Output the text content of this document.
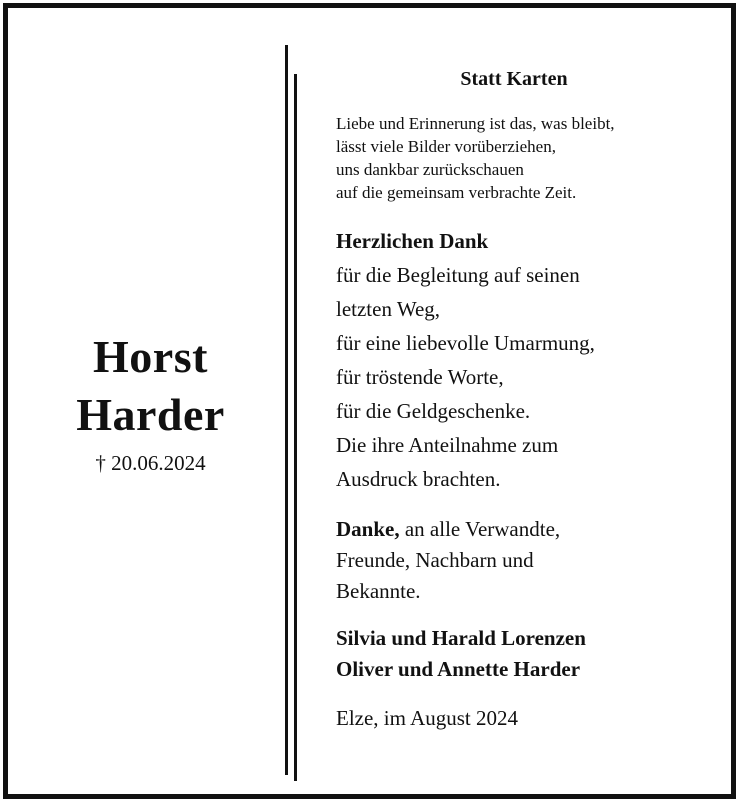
Horst
Harder
† 20.06.2024
Statt Karten
Liebe und Erinnerung ist das, was bleibt,
lässt viele Bilder vorüberziehen,
uns dankbar zurückschauen
auf die gemeinsam verbrachte Zeit.
Herzlichen Dank
für die Begleitung auf seinen
letzten Weg,
für eine liebevolle Umarmung,
für tröstende Worte,
für die Geldgeschenke.
Die ihre Anteilnahme zum
Ausdruck brachten.
Danke, an alle Verwandte,
Freunde, Nachbarn und
Bekannte.
Silvia und Harald Lorenzen
Oliver und Annette Harder
Elze, im August 2024
